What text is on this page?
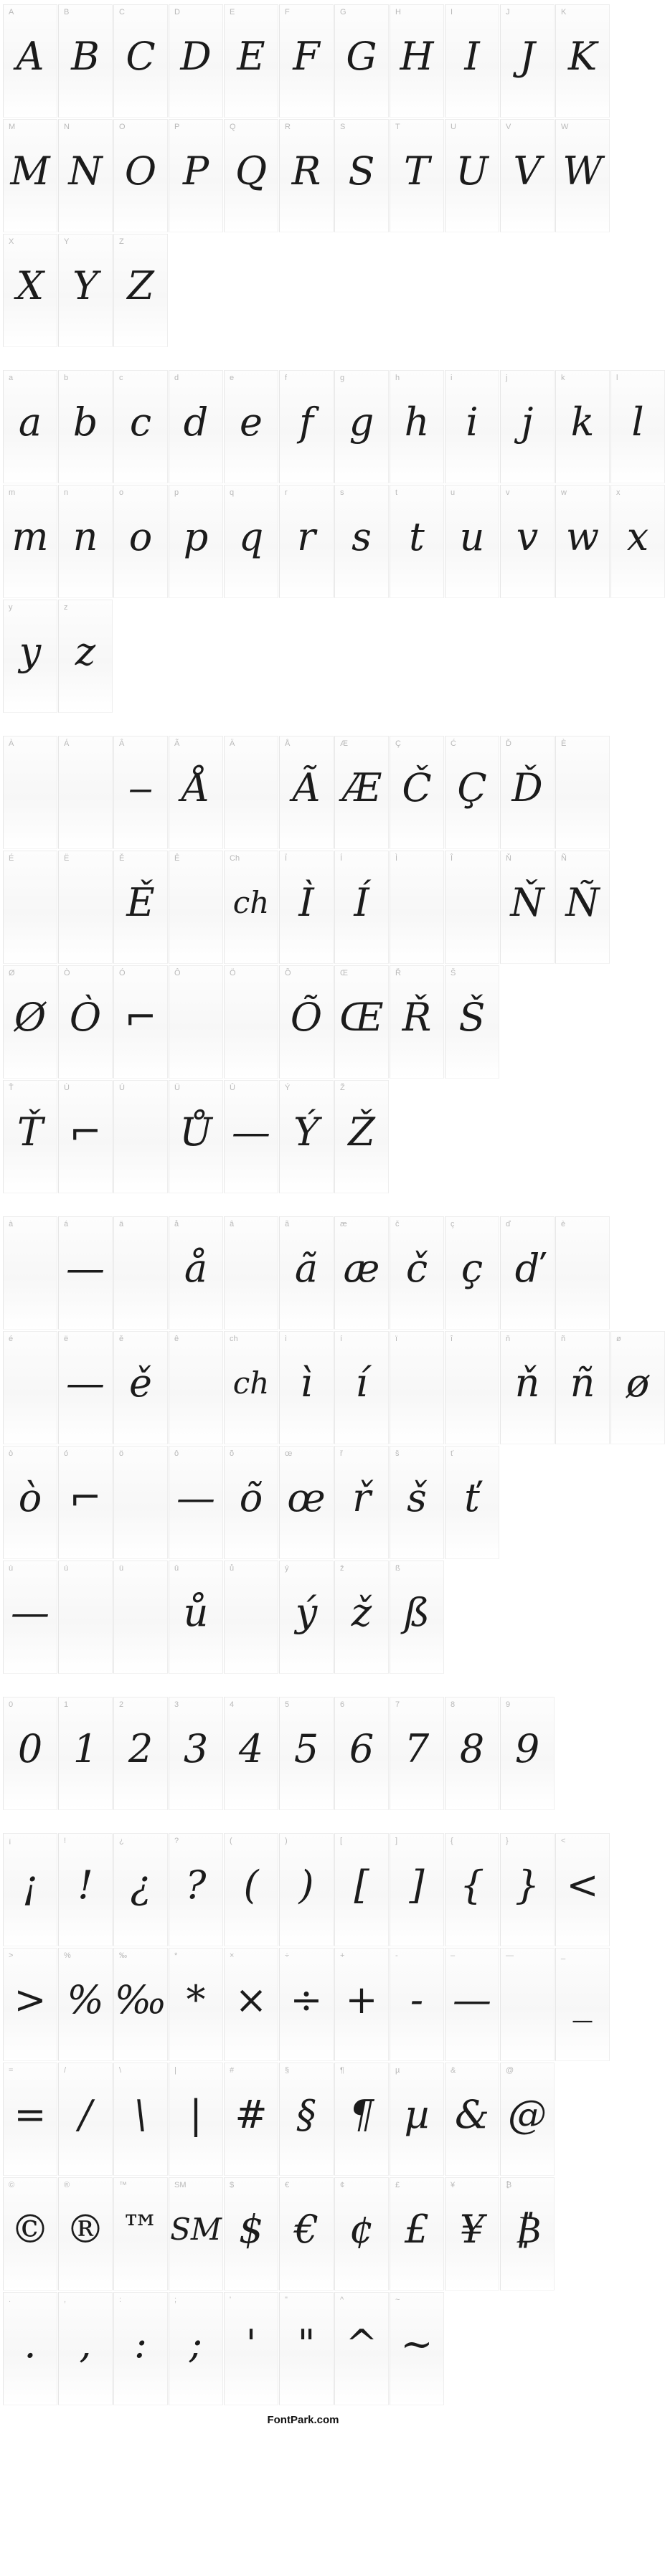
A
A
B
B
C
C
D
D
E
E
F
F
G
G
H
H
I
I
J
J
K
K
M
M
N
N
O
O
P
P
Q
Q
R
R
S
S
T
T
U
U
V
V
W
W
X
X
Y
Y
Z
Z
a
a
b
b
c
c
d
d
e
e
f
f
g
g
h
h
i
i
j
j
k
k
l
l
m
m
n
n
o
o
p
p
q
q
r
r
s
s
t
t
u
u
v
v
w
w
x
x
y
y
z
z
À	Á	Â
‒
Ã
Å
Ä	Å
Ã
Æ
Æ
Ç
Č
Ć
Ç
Ď
Ď
È
É	Ë	Ě
Ě
Ê	Ch
ch
Ï
Ì
Í
Í
Ì	Î	Ň
Ň
Ñ
Ñ
Ø
Ø
Ò
Ò
Ó
⌐
Ô	Ö	Õ
Õ
Œ
Œ
Ř
Ř
Š
Š
Ť
Ť
Ù
⌐
Ú	Ü
Ů
Û
—
Ý
Ý
Ž
Ž
à	á
—
ä	å
å
â	ã
ã
æ
æ
č
č
ç
ç
ď
ď
è
é	ë
—
ě
ě
ê	ch
ch
ì
ì
í
í
ï	î	ň
ň
ñ
ñ
ø
ø
ò
ò
ó
⌐
ö	ô
—
õ
õ
œ
œ
ř
ř
š
š
ť
ť
ù
—
ú	ü	û
ů
ů	ý
ý
ž
ž
ß
ß
0
0
1
1
2
2
3
3
4
4
5
5
6
6
7
7
8
8
9
9
¡
¡
!
!
¿
¿
?
?
(
(
)
)
[
[
]
]
{
{
}
}
<
<
>
>
%
%
‰
‰
*
*
×
×
÷
÷
+
+
-
-
–
—
—	_
_
=
=
/
/
\
\
|
|
#
#
§
§
¶
¶
µ
µ
&
&
@
@
©
©
®
®
™
™
SM
SM
$
$
€
€
¢
¢
£
£
¥
¥
₿
₿
.
.
,
,
:
:
;
;
'
'
"
"
^
^
~
~
FontPark.com
